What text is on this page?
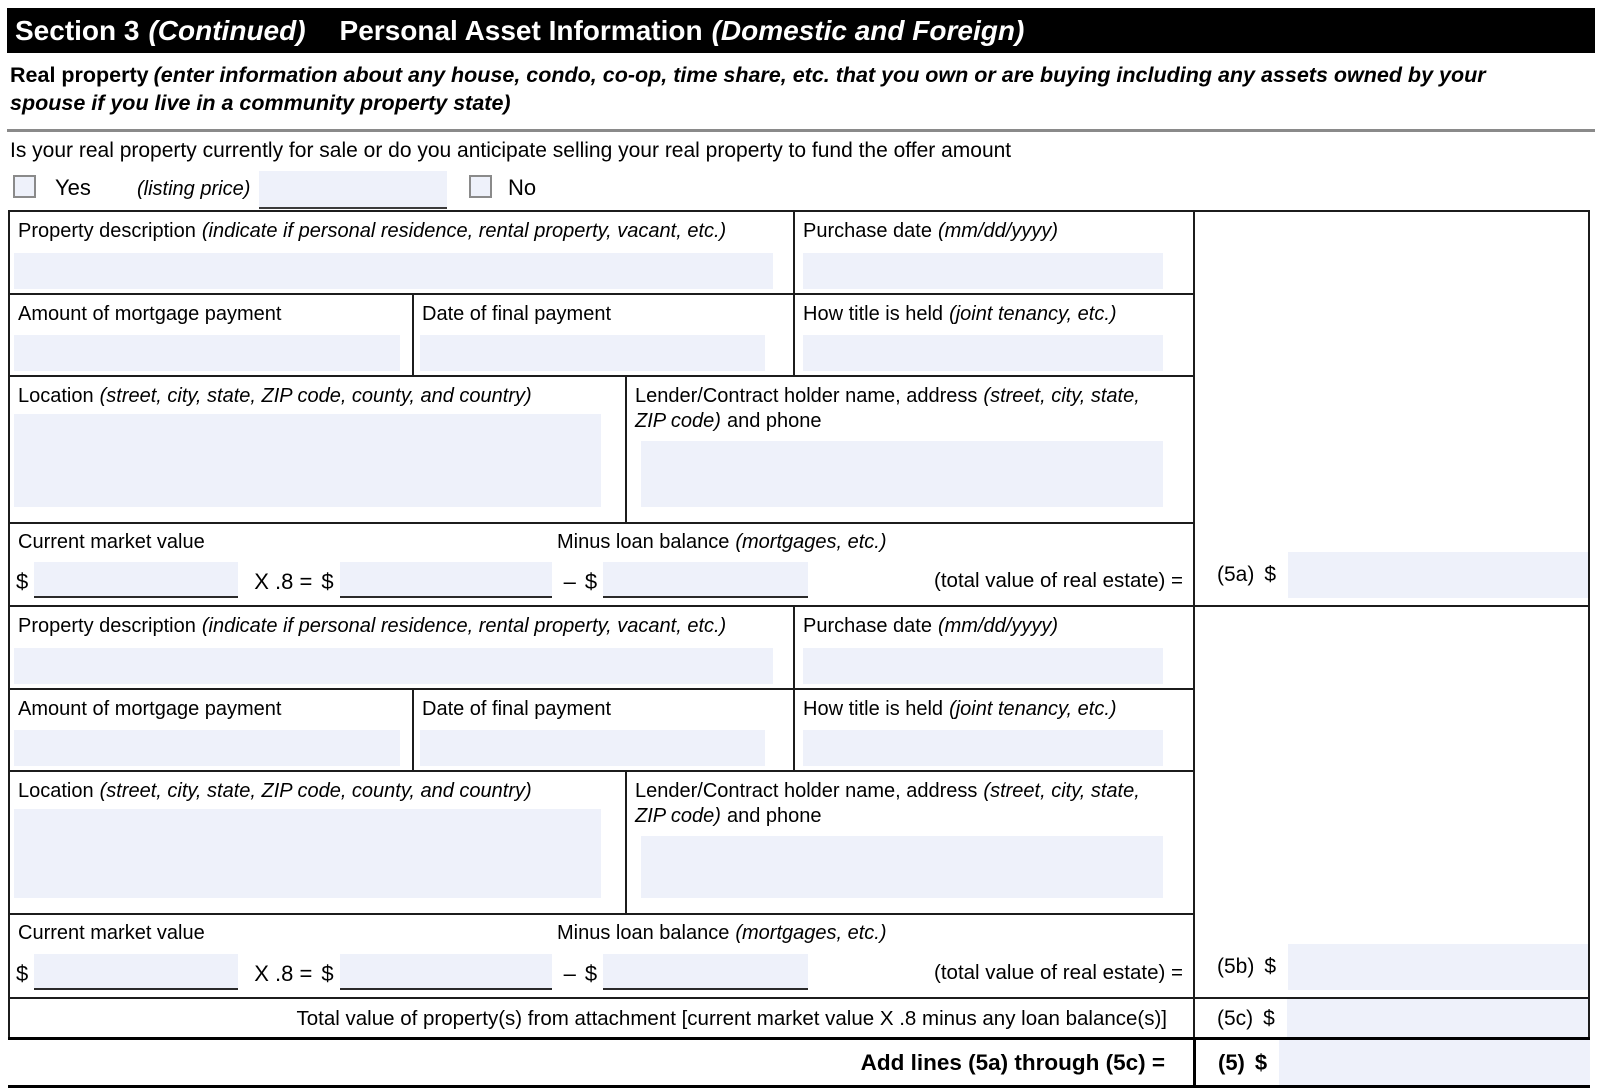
Section 3 (Continued) Personal Asset Information (Domestic and Foreign)
Real property (enter information about any house, condo, co-op, time share, etc. that you own or are buying including any assets owned by your spouse if you live in a community property state)
Is your real property currently for sale or do you anticipate selling your real property to fund the offer amount
Yes (listing price)	No
Property description (indicate if personal residence, rental property, vacant, etc.)	Purchase date (mm/dd/yyyy)
Amount of mortgage payment	Date of final payment	How title is held (joint tenancy, etc.)
Location (street, city, state, ZIP code, county, and country)	Lender/Contract holder name, address (street, city, state, ZIP code) and phone
Current market value	Minus loan balance (mortgages, etc.)
$	X .8 = $	– $	(total value of real estate) = (5a) $
Property description (indicate if personal residence, rental property, vacant, etc.)	Purchase date (mm/dd/yyyy)
Amount of mortgage payment	Date of final payment	How title is held (joint tenancy, etc.)
Location (street, city, state, ZIP code, county, and country)	Lender/Contract holder name, address (street, city, state, ZIP code) and phone
Current market value	Minus loan balance (mortgages, etc.)
$	X .8 = $	– $	(total value of real estate) = (5b) $
Total value of property(s) from attachment [current market value X .8 minus any loan balance(s)] (5c) $
Add lines (5a) through (5c) = (5) $
